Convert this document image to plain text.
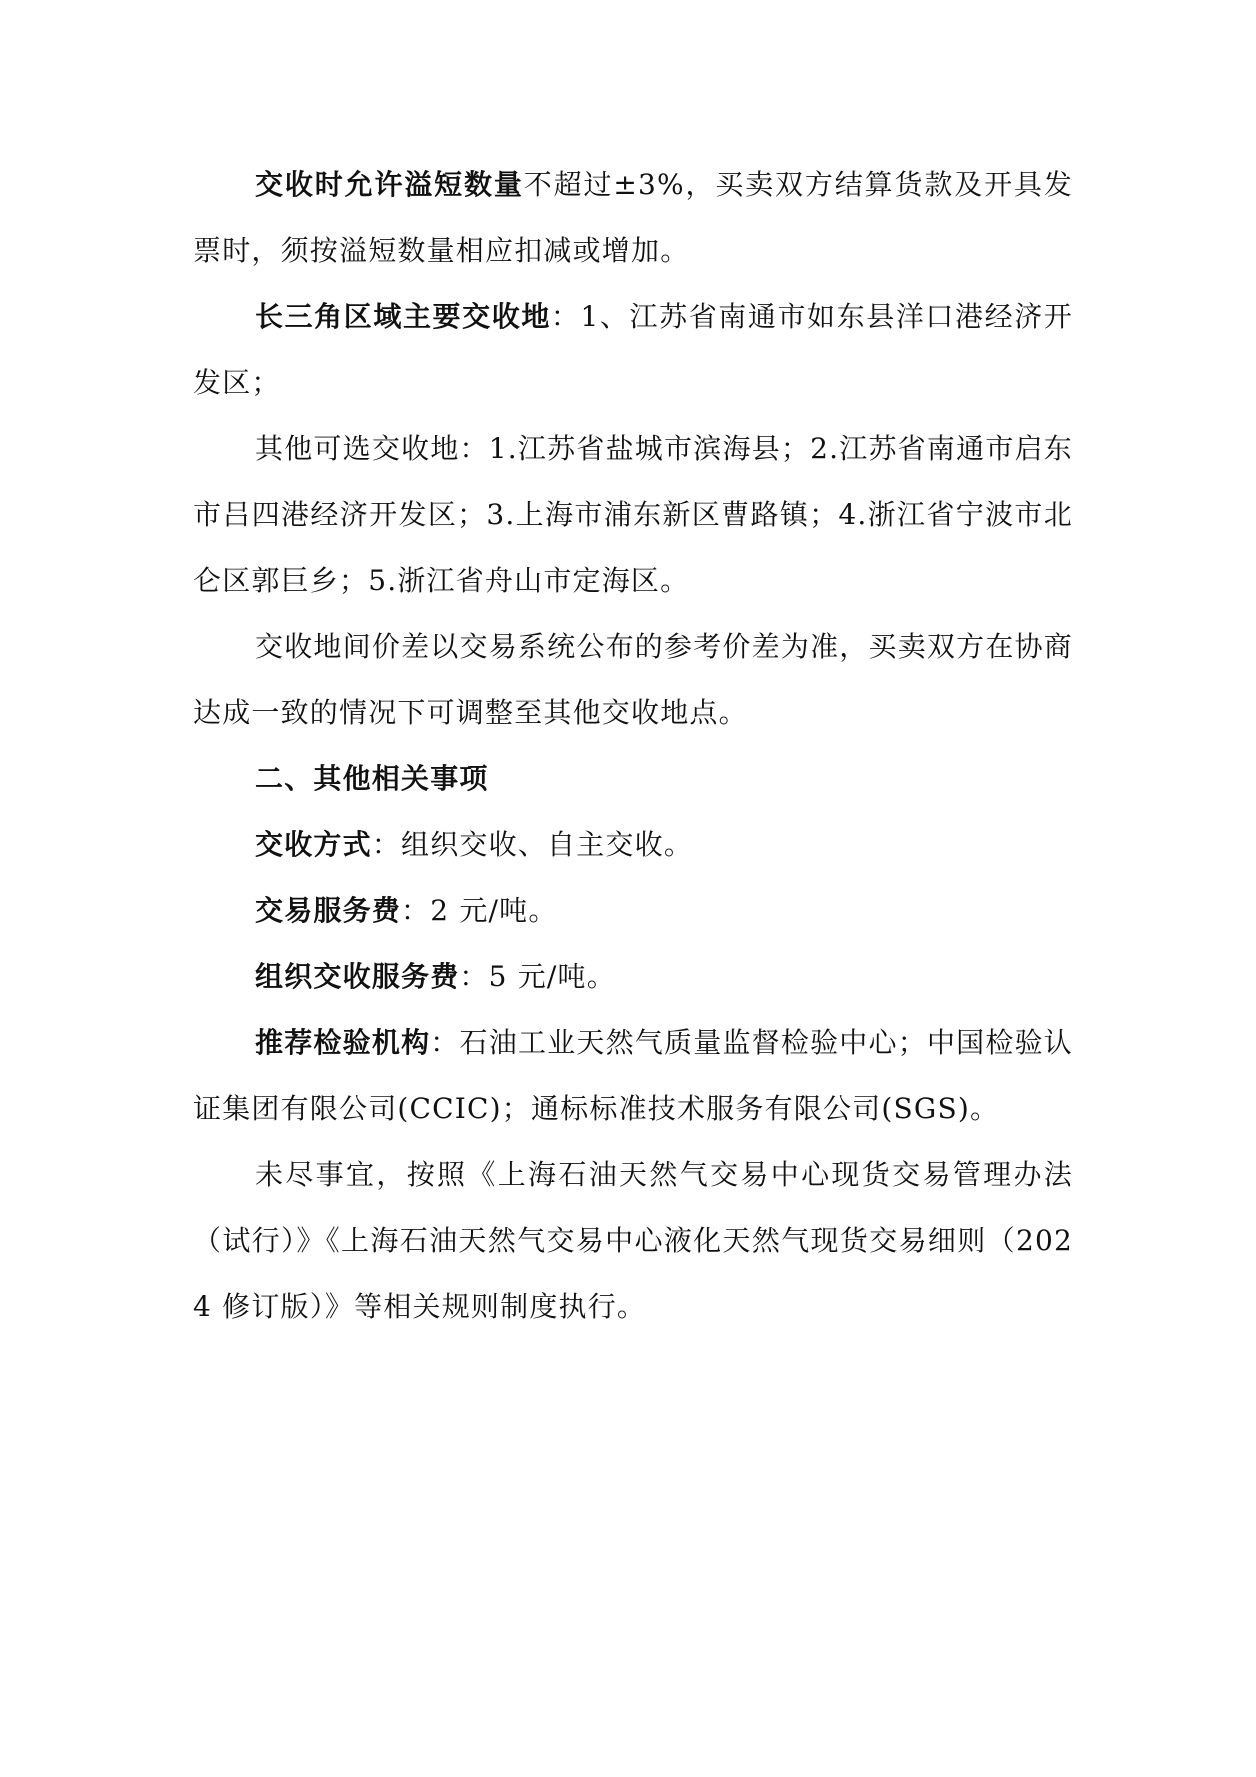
交收时允许溢短数量不超过±3%，买卖双方结算货款及开具发票时，须按溢短数量相应扣减或增加。

长三角区域主要交收地：1、江苏省南通市如东县洋口港经济开发区；

其他可选交收地：1.江苏省盐城市滨海县；2.江苏省南通市启东市吕四港经济开发区；3.上海市浦东新区曹路镇；4.浙江省宁波市北仑区郭巨乡；5.浙江省舟山市定海区。

交收地间价差以交易系统公布的参考价差为准，买卖双方在协商达成一致的情况下可调整至其他交收地点。

二、其他相关事项

交收方式：组织交收、自主交收。

交易服务费：2 元/吨。

组织交收服务费：5 元/吨。

推荐检验机构：石油工业天然气质量监督检验中心；中国检验认证集团有限公司(CCIC)；通标标准技术服务有限公司(SGS)。

未尽事宜，按照《上海石油天然气交易中心现货交易管理办法（试行）》《上海石油天然气交易中心液化天然气现货交易细则（2024 修订版）》等相关规则制度执行。
